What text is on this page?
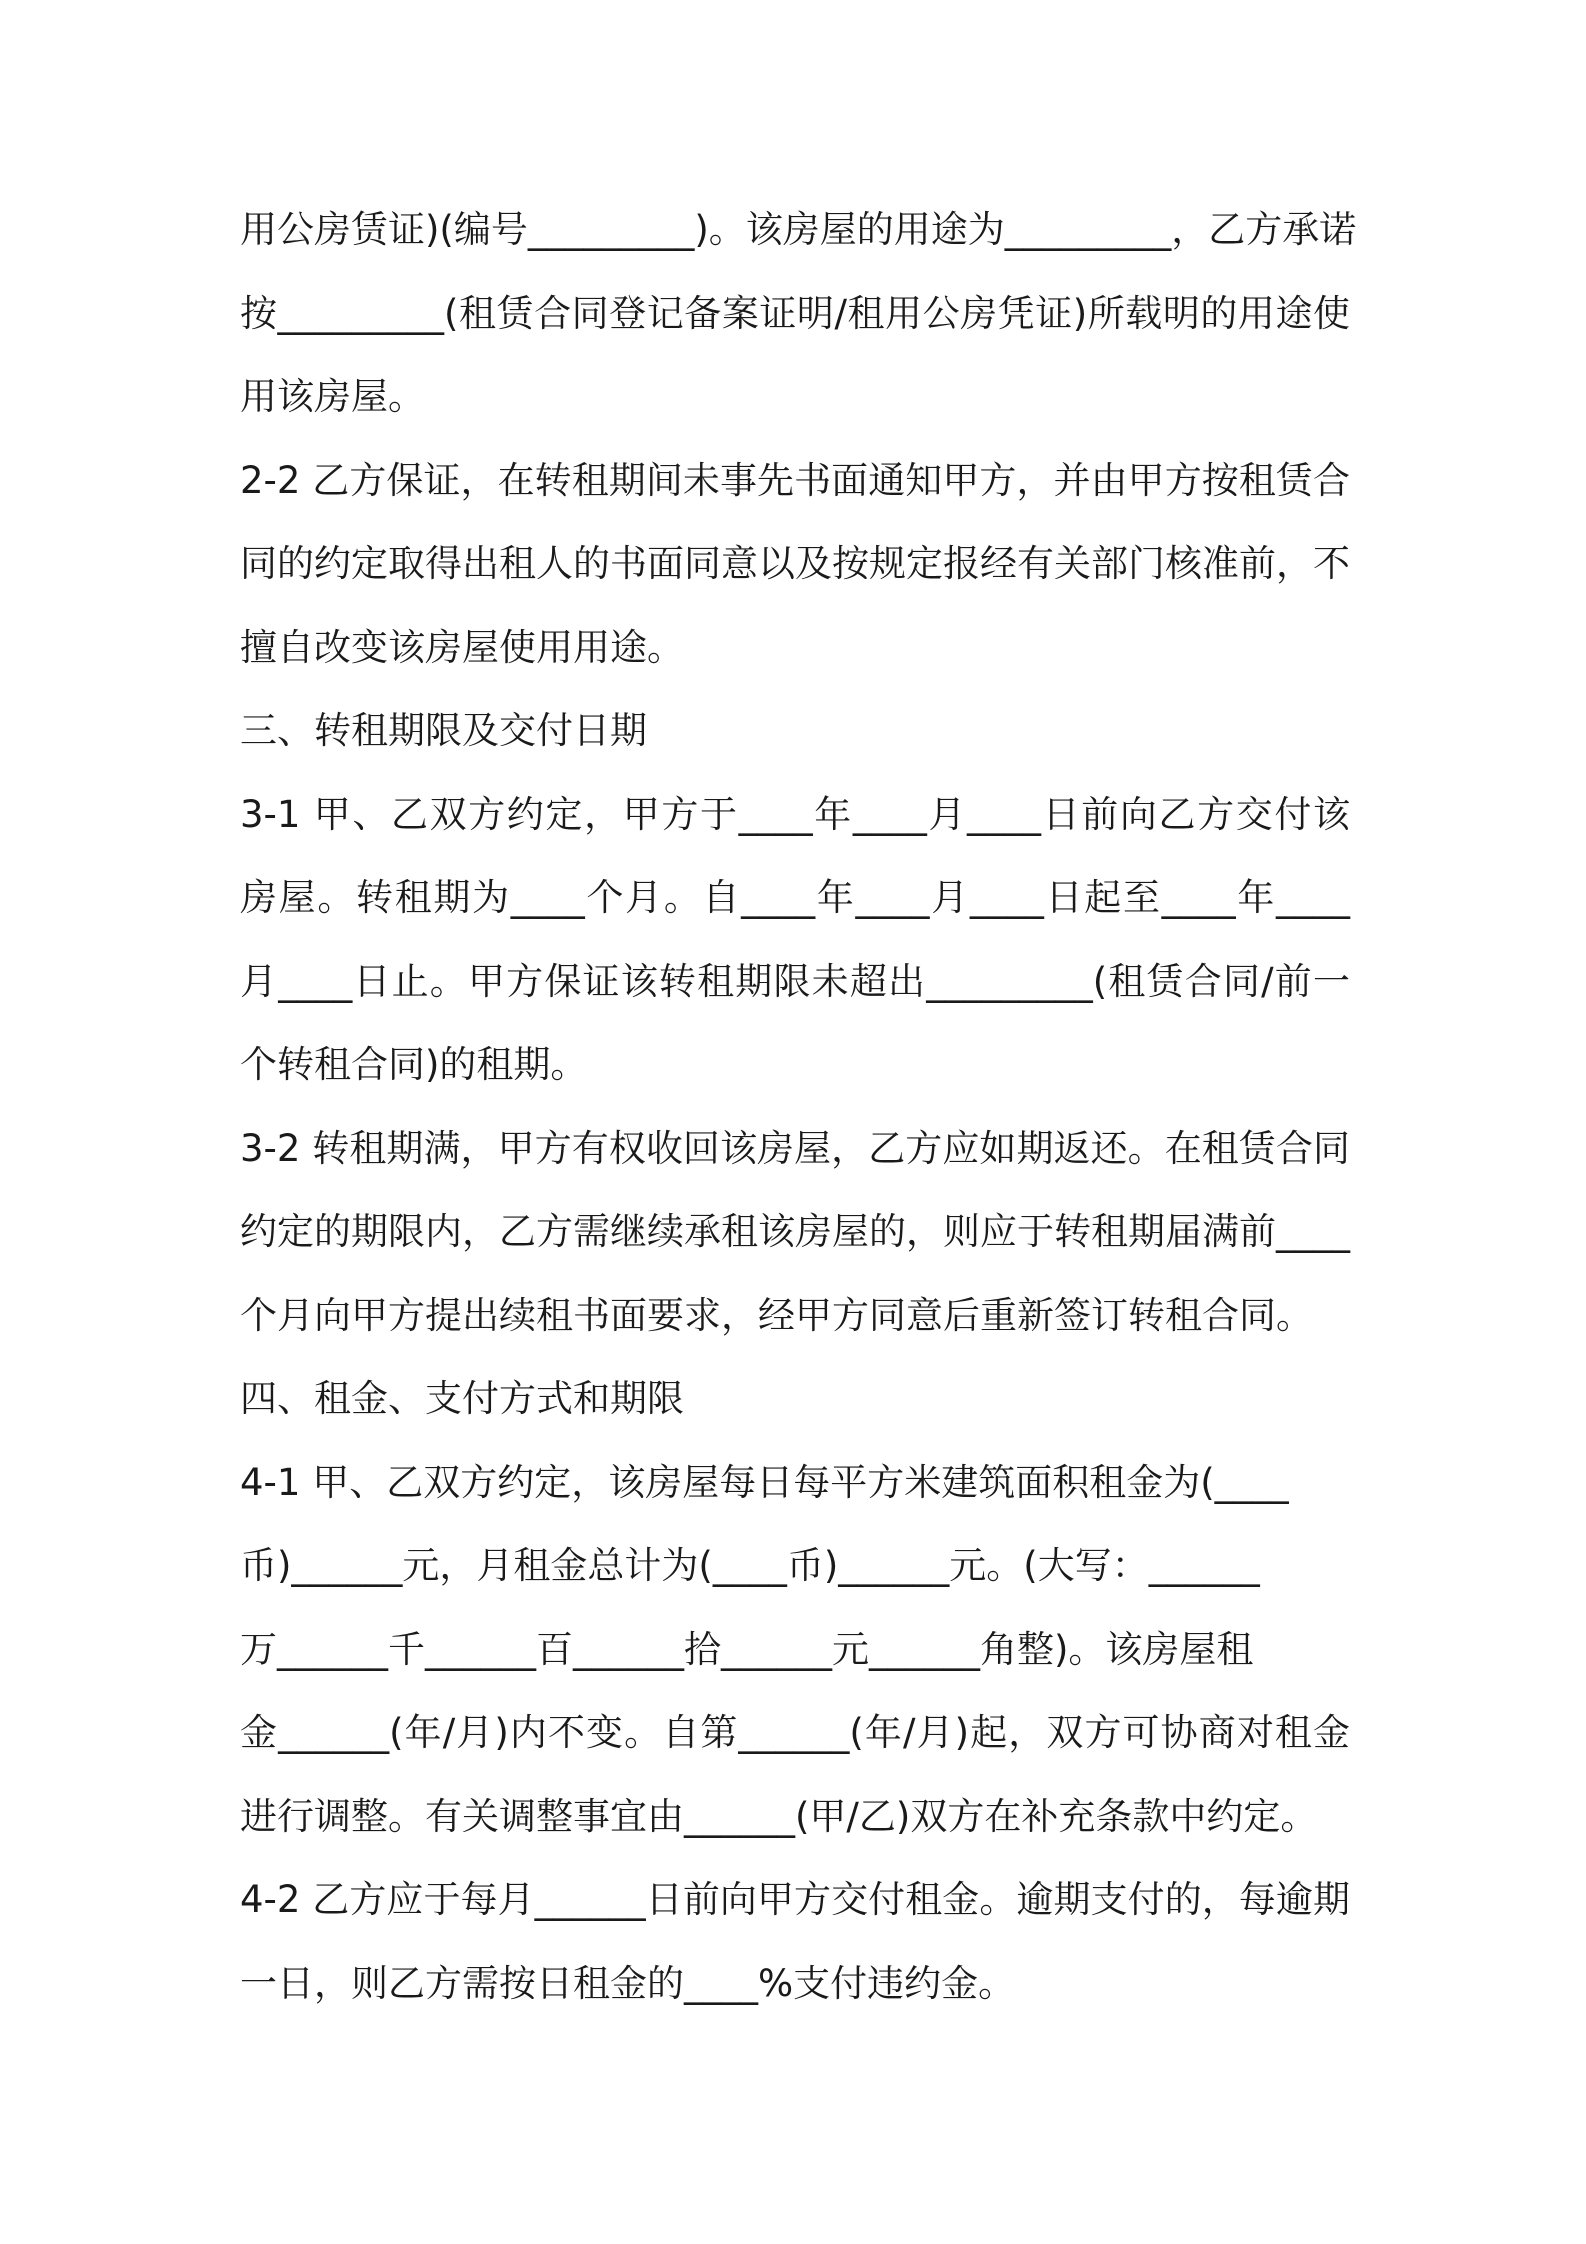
用公房赁证)(编号_________)。该房屋的用途为_________，乙方承诺
按_________(租赁合同登记备案证明/租用公房凭证)所载明的用途使
用该房屋。
2-2 乙方保证，在转租期间未事先书面通知甲方，并由甲方按租赁合
同的约定取得出租人的书面同意以及按规定报经有关部门核准前，不
擅自改变该房屋使用用途。
三、转租期限及交付日期
3-1 甲、乙双方约定，甲方于____年____月____日前向乙方交付该
房屋。转租期为____个月。自____年____月____日起至____年____
月____日止。甲方保证该转租期限未超出_________(租赁合同/前一
个转租合同)的租期。
3-2 转租期满，甲方有权收回该房屋，乙方应如期返还。在租赁合同
约定的期限内，乙方需继续承租该房屋的，则应于转租期届满前____
个月向甲方提出续租书面要求，经甲方同意后重新签订转租合同。
四、租金、支付方式和期限
4-1 甲、乙双方约定，该房屋每日每平方米建筑面积租金为(____
币)______元，月租金总计为(____币)______元。(大写：______
万______千______百______拾______元______角整)。该房屋租
金______(年/月)内不变。自第______(年/月)起，双方可协商对租金
进行调整。有关调整事宜由______(甲/乙)双方在补充条款中约定。
4-2 乙方应于每月______日前向甲方交付租金。逾期支付的，每逾期
一日，则乙方需按日租金的____%支付违约金。
